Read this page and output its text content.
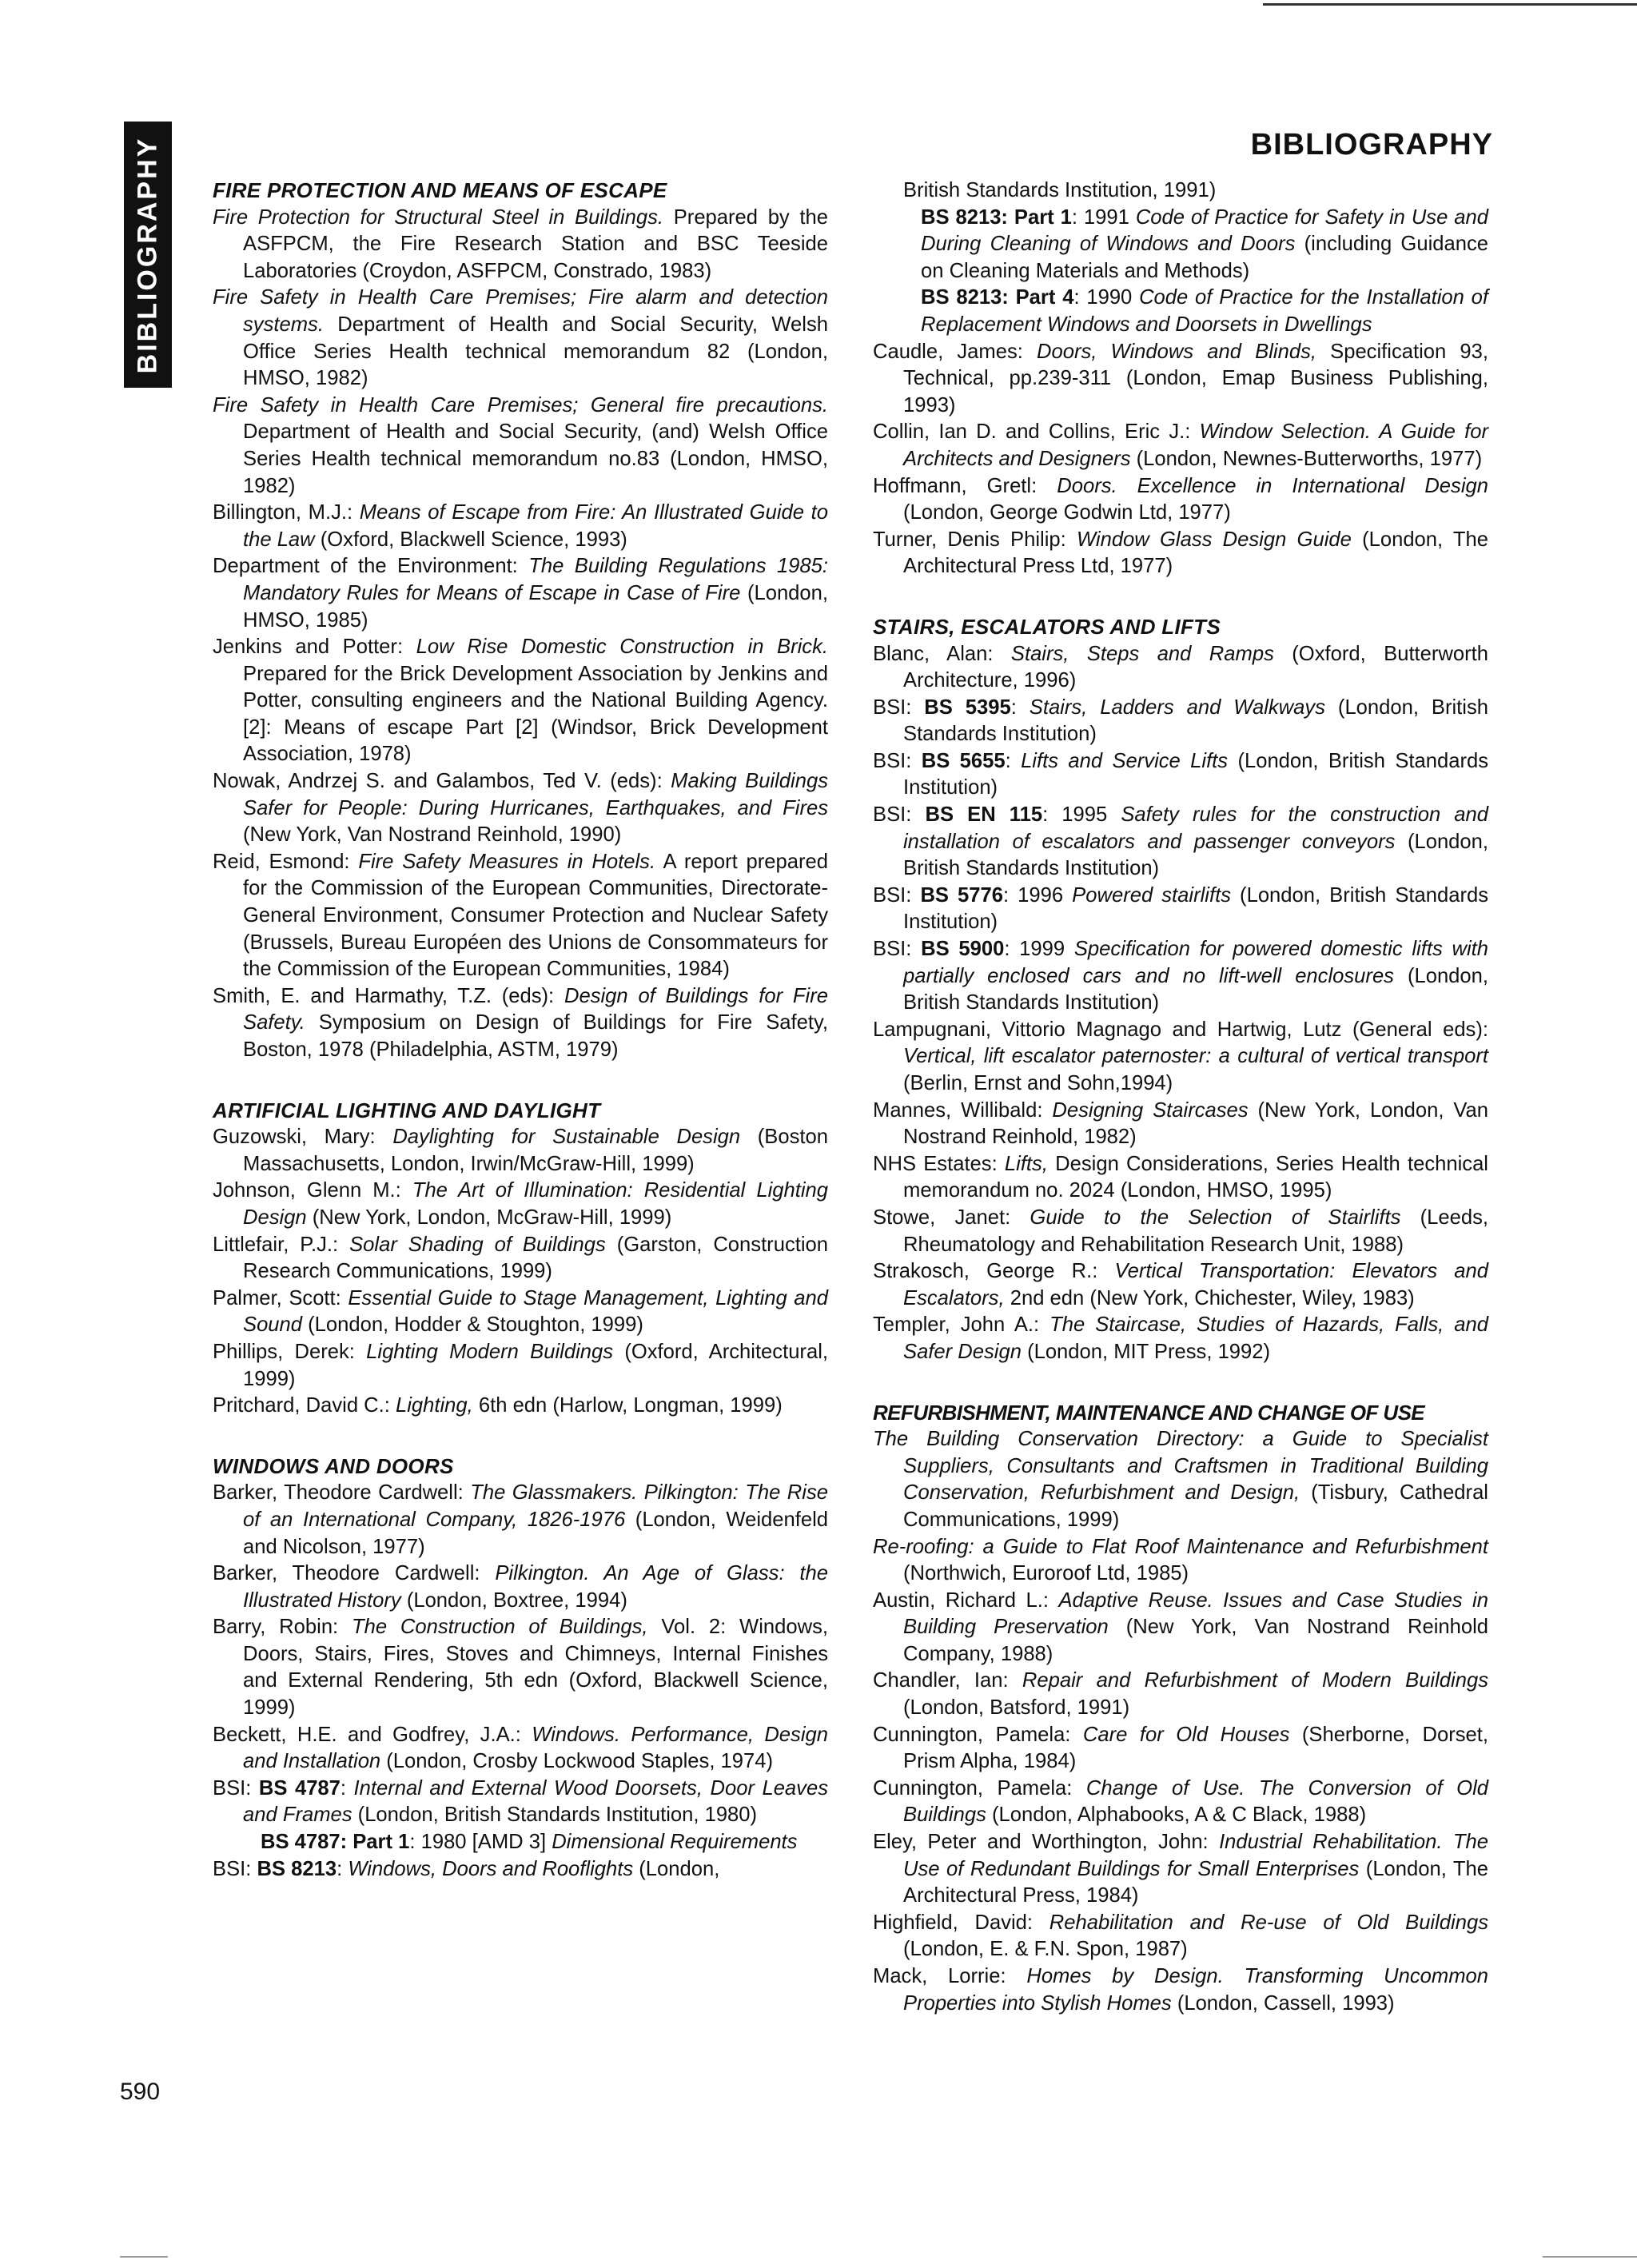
BIBLIOGRAPHY	BIBLIOGRAPHY
FIRE PROTECTION AND MEANS OF ESCAPE

Fire Protection for Structural Steel in Buildings. Prepared by the ASFPCM, the Fire Research Station and BSC Teeside Laboratories (Croydon, ASFPCM, Constrado, 1983)

Fire Safety in Health Care Premises; Fire alarm and detection systems. Department of Health and Social Security, Welsh Office Series Health technical memorandum 82 (London, HMSO, 1982)

Fire Safety in Health Care Premises; General fire precautions. Department of Health and Social Security, (and) Welsh Office Series Health technical memorandum no.83 (London, HMSO, 1982)

Billington, M.J.: Means of Escape from Fire: An Illustrated Guide to the Law (Oxford, Blackwell Science, 1993)

Department of the Environment: The Building Regulations 1985: Mandatory Rules for Means of Escape in Case of Fire (London, HMSO, 1985)

Jenkins and Potter: Low Rise Domestic Construction in Brick. Prepared for the Brick Development Association by Jenkins and Potter, consulting engineers and the National Building Agency. [2]: Means of escape Part [2] (Windsor, Brick Development Association, 1978)

Nowak, Andrzej S. and Galambos, Ted V. (eds): Making Buildings Safer for People: During Hurricanes, Earthquakes, and Fires (New York, Van Nostrand Reinhold, 1990)

Reid, Esmond: Fire Safety Measures in Hotels. A report prepared for the Commission of the European Communities, Directorate-General Environment, Consumer Protection and Nuclear Safety (Brussels, Bureau Européen des Unions de Consommateurs for the Commission of the European Communities, 1984)

Smith, E. and Harmathy, T.Z. (eds): Design of Buildings for Fire Safety. Symposium on Design of Buildings for Fire Safety, Boston, 1978 (Philadelphia, ASTM, 1979)

ARTIFICIAL LIGHTING AND DAYLIGHT

Guzowski, Mary: Daylighting for Sustainable Design (Boston Massachusetts, London, Irwin/McGraw-Hill, 1999)

Johnson, Glenn M.: The Art of Illumination: Residential Lighting Design (New York, London, McGraw-Hill, 1999)

Littlefair, P.J.: Solar Shading of Buildings (Garston, Construction Research Communications, 1999)

Palmer, Scott: Essential Guide to Stage Management, Lighting and Sound (London, Hodder & Stoughton, 1999)

Phillips, Derek: Lighting Modern Buildings (Oxford, Architectural, 1999)

Pritchard, David C.: Lighting, 6th edn (Harlow, Longman, 1999)

WINDOWS AND DOORS

Barker, Theodore Cardwell: The Glassmakers. Pilkington: The Rise of an International Company, 1826-1976 (London, Weidenfeld and Nicolson, 1977)

Barker, Theodore Cardwell: Pilkington. An Age of Glass: the Illustrated History (London, Boxtree, 1994)

Barry, Robin: The Construction of Buildings, Vol. 2: Windows, Doors, Stairs, Fires, Stoves and Chimneys, Internal Finishes and External Rendering, 5th edn (Oxford, Blackwell Science, 1999)

Beckett, H.E. and Godfrey, J.A.: Windows. Performance, Design and Installation (London, Crosby Lockwood Staples, 1974)

BSI: BS 4787: Internal and External Wood Doorsets, Door Leaves and Frames (London, British Standards Institution, 1980)

BS 4787: Part 1: 1980 [AMD 3] Dimensional Requirements

BSI: BS 8213: Windows, Doors and Rooflights (London,

British Standards Institution, 1991)

BS 8213: Part 1: 1991 Code of Practice for Safety in Use and During Cleaning of Windows and Doors (including Guidance on Cleaning Materials and Methods)

BS 8213: Part 4: 1990 Code of Practice for the Installation of Replacement Windows and Doorsets in Dwellings

Caudle, James: Doors, Windows and Blinds, Specification 93, Technical, pp.239-311 (London, Emap Business Publishing, 1993)

Collin, Ian D. and Collins, Eric J.: Window Selection. A Guide for Architects and Designers (London, Newnes-Butterworths, 1977)

Hoffmann, Gretl: Doors. Excellence in International Design (London, George Godwin Ltd, 1977)

Turner, Denis Philip: Window Glass Design Guide (London, The Architectural Press Ltd, 1977)

STAIRS, ESCALATORS AND LIFTS

Blanc, Alan: Stairs, Steps and Ramps (Oxford, Butterworth Architecture, 1996)

BSI: BS 5395: Stairs, Ladders and Walkways (London, British Standards Institution)

BSI: BS 5655: Lifts and Service Lifts (London, British Standards Institution)

BSI: BS EN 115: 1995 Safety rules for the construction and installation of escalators and passenger conveyors (London, British Standards Institution)

BSI: BS 5776: 1996 Powered stairlifts (London, British Standards Institution)

BSI: BS 5900: 1999 Specification for powered domestic lifts with partially enclosed cars and no lift-well enclosures (London, British Standards Institution)

Lampugnani, Vittorio Magnago and Hartwig, Lutz (General eds): Vertical, lift escalator paternoster: a cultural of vertical transport (Berlin, Ernst and Sohn,1994)

Mannes, Willibald: Designing Staircases (New York, London, Van Nostrand Reinhold, 1982)

NHS Estates: Lifts, Design Considerations, Series Health technical memorandum no. 2024 (London, HMSO, 1995)

Stowe, Janet: Guide to the Selection of Stairlifts (Leeds, Rheumatology and Rehabilitation Research Unit, 1988)

Strakosch, George R.: Vertical Transportation: Elevators and Escalators, 2nd edn (New York, Chichester, Wiley, 1983)

Templer, John A.: The Staircase, Studies of Hazards, Falls, and Safer Design (London, MIT Press, 1992)

REFURBISHMENT, MAINTENANCE AND CHANGE OF USE

The Building Conservation Directory: a Guide to Specialist Suppliers, Consultants and Craftsmen in Traditional Building Conservation, Refurbishment and Design, (Tisbury, Cathedral Communications, 1999)

Re-roofing: a Guide to Flat Roof Maintenance and Refurbishment (Northwich, Euroroof Ltd, 1985)

Austin, Richard L.: Adaptive Reuse. Issues and Case Studies in Building Preservation (New York, Van Nostrand Reinhold Company, 1988)

Chandler, Ian: Repair and Refurbishment of Modern Buildings (London, Batsford, 1991)

Cunnington, Pamela: Care for Old Houses (Sherborne, Dorset, Prism Alpha, 1984)

Cunnington, Pamela: Change of Use. The Conversion of Old Buildings (London, Alphabooks, A & C Black, 1988)

Eley, Peter and Worthington, John: Industrial Rehabilitation. The Use of Redundant Buildings for Small Enterprises (London, The Architectural Press, 1984)

Highfield, David: Rehabilitation and Re-use of Old Buildings (London, E. & F.N. Spon, 1987)

Mack, Lorrie: Homes by Design. Transforming Uncommon Properties into Stylish Homes (London, Cassell, 1993)

590
